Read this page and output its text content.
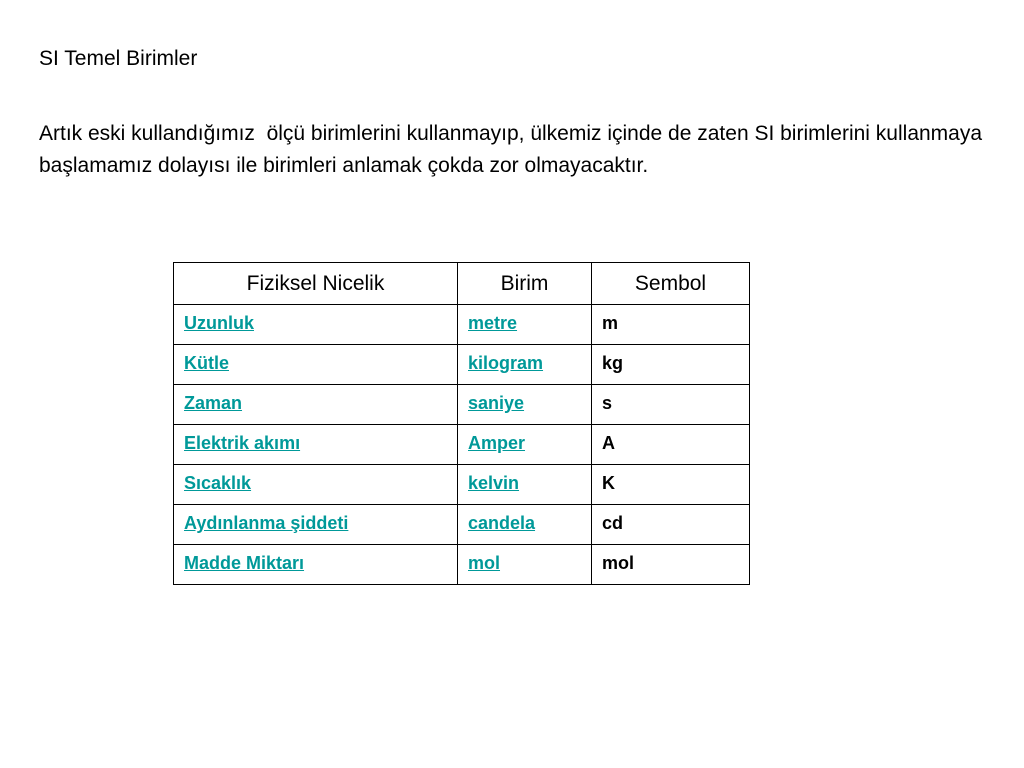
SI Temel Birimler

Artık eski kullandığımız  ölçü birimlerini kullanmayıp, ülkemiz içinde de zaten SI birimlerini kullanmaya başlamamız dolayısı ile birimleri anlamak çokda zor olmayacaktır.

Fiziksel Nicelik	Birim	Sembol
Uzunluk	metre	m
Kütle	kilogram	kg
Zaman	saniye	s
Elektrik akımı	Amper	A
Sıcaklık	kelvin	K
Aydınlanma şiddeti	candela	cd
Madde Miktarı	mol	mol
